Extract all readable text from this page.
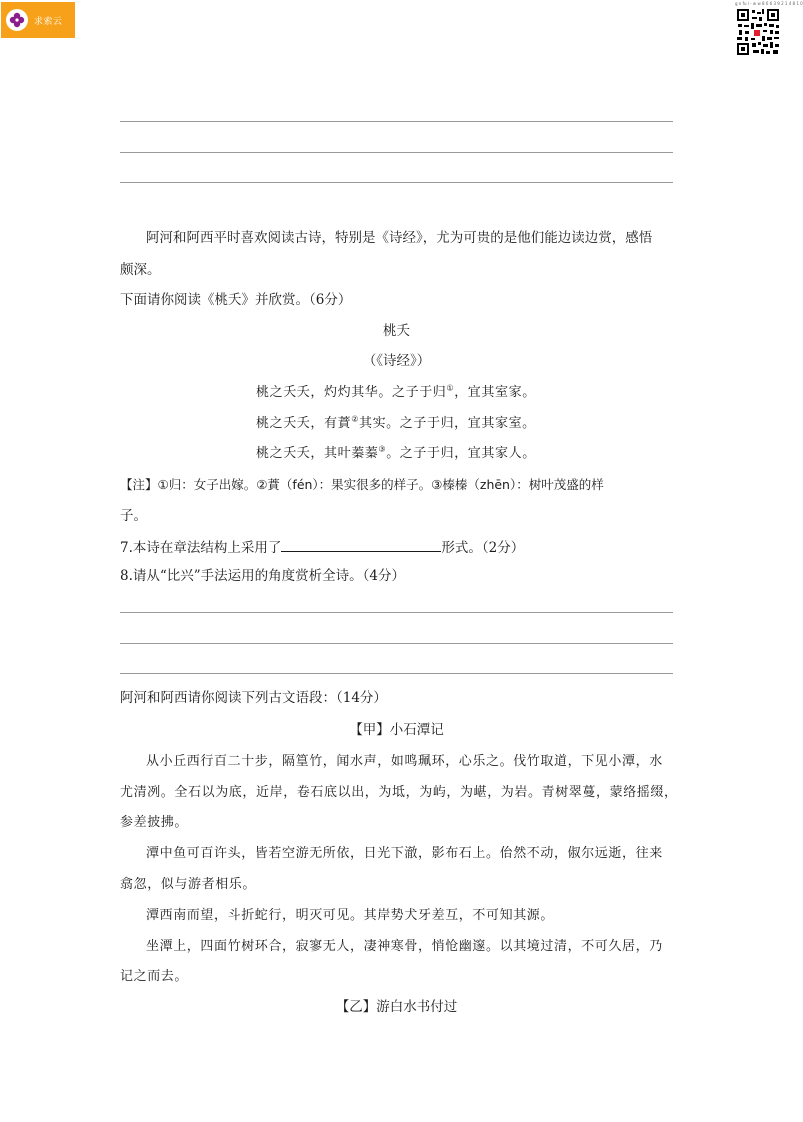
求索云
g n fu i - w w 8 6 6 3 9 2 1 4 8 1 0
阿河和阿西平时喜欢阅读古诗，特别是《诗经》，尤为可贵的是他们能边读边赏，感悟
颇深。
下面请你阅读《桃夭》并欣赏。（6分）
桃夭
（《诗经》）
桃之夭夭，灼灼其华。之子于归①，宜其室家。
桃之夭夭，有蕡②其实。之子于归，宜其家室。
桃之夭夭，其叶蓁蓁③。之子于归，宜其家人。
【注】①归：女子出嫁。②蕡（fén）：果实很多的样子。③榛榛（zhēn）：树叶茂盛的样
子。
7.本诗在章法结构上采用了	形式。（2分）
8.请从“比兴”手法运用的角度赏析全诗。（4分）
阿河和阿西请你阅读下列古文语段：（14分）
【甲】小石潭记
从小丘西行百二十步，隔篁竹，闻水声，如鸣珮环，心乐之。伐竹取道，下见小潭，水
尤清冽。全石以为底，近岸，卷石底以出，为坻，为屿，为嵁，为岩。青树翠蔓，蒙络摇缀，
参差披拂。
潭中鱼可百许头，皆若空游无所依，日光下澈，影布石上。佁然不动，俶尔远逝，往来
翕忽，似与游者相乐。
潭西南而望，斗折蛇行，明灭可见。其岸势犬牙差互，不可知其源。
坐潭上，四面竹树环合，寂寥无人，凄神寒骨，悄怆幽邃。以其境过清，不可久居，乃
记之而去。
【乙】游白水书付过
